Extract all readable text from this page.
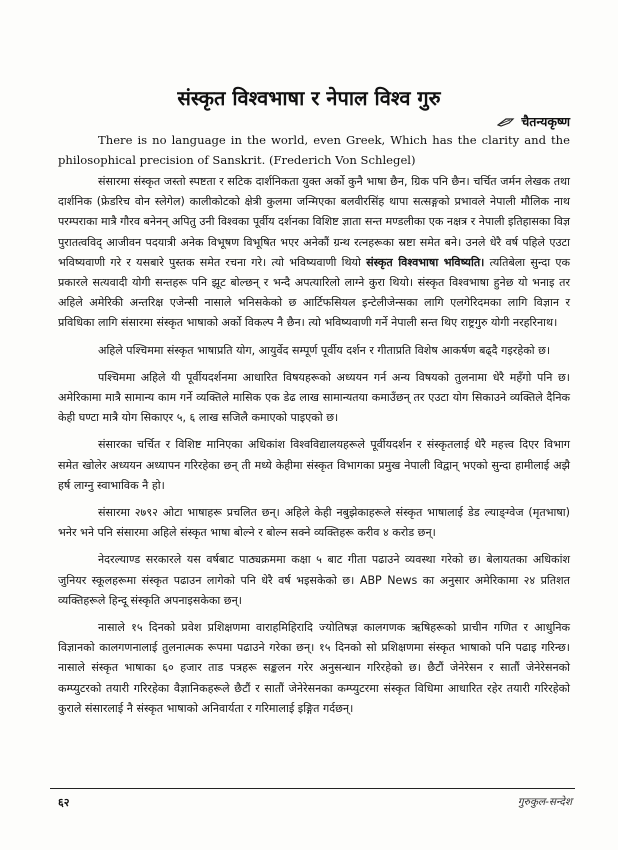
संस्कृत विश्वभाषा र नेपाल विश्व गुरु
चैतन्यकृष्ण

There is no language in the world, even Greek, Which has the clarity and the philosophical precision of Sanskrit. (Frederich Von Schlegel)

संसारमा संस्कृत जस्तो स्पष्टता र सटिक दार्शनिकता युक्त अर्को कुनै भाषा छैन, ग्रिक पनि छैन। चर्चित जर्मन लेखक तथा दार्शनिक (फ्रेडरिच वोन स्लेगेल) कालीकोटको क्षेत्री कुलमा जन्मिएका बलवीरसिंह थापा सत्सङ्गको प्रभावले नेपाली मौलिक नाथ परम्पराका मात्रै गौरव बनेनन्‌ अपितु उनी विश्वका पूर्वीय दर्शनका विशिष्ट ज्ञाता सन्त मण्डलीका एक नक्षत्र र नेपाली इतिहासका विज्ञ पुरातत्वविद्‌ आजीवन पदयात्री अनेक विभूषण विभूषित भएर अनेकौं ग्रन्थ रत्नहरूका स्रष्टा समेत बने। उनले धेरै वर्ष पहिले एउटा भविष्यवाणी गरे र यसबारे पुस्तक समेत रचना गरे। त्यो भविष्यवाणी थियो संस्कृत विश्वभाषा भविष्यति। त्यतिबेला सुन्दा एक प्रकारले सत्यवादी योगी सन्तहरू पनि झूट बोल्छन्‌ र भन्दै अपत्यारिलो लाग्ने कुरा थियो। संस्कृत विश्वभाषा हुनेछ यो भनाइ तर अहिले अमेरिकी अन्तरिक्ष एजेन्सी नासाले भनिसकेको छ आर्टिफसियल इन्टेलीजेन्सका लागि एलगेरिदमका लागि विज्ञान र प्रविधिका लागि संसारमा संस्कृत भाषाको अर्को विकल्प नै छैन। त्यो भविष्यवाणी गर्ने नेपाली सन्त थिए राष्ट्रगुरु योगी नरहरिनाथ।

अहिले पश्चिममा संस्कृत भाषाप्रति योग, आयुर्वेद सम्पूर्ण पूर्वीय दर्शन र गीताप्रति विशेष आकर्षण बढ्दै गइरहेको छ।

पश्चिममा अहिले यी पूर्वीयदर्शनमा आधारित विषयहरूको अध्ययन गर्न अन्य विषयको तुलनामा धेरै महँगो पनि छ। अमेरिकामा मात्रै सामान्य काम गर्ने व्यक्तिले मासिक एक डेढ लाख सामान्यतया कमाउँछन्‌ तर एउटा योग सिकाउने व्यक्तिले दैनिक केही घण्टा मात्रै योग सिकाएर ५, ६ लाख सजिलै कमाएको पाइएको छ।

संसारका चर्चित र विशिष्ट मानिएका अधिकांश विश्वविद्यालयहरूले पूर्वीयदर्शन र संस्कृतलाई धेरै महत्त्व दिएर विभाग समेत खोलेर अध्ययन अध्यापन गरिरहेका छन्‌ ती मध्ये केहीमा संस्कृत विभागका प्रमुख नेपाली विद्वान्‌ भएको सुन्दा हामीलाई अझै हर्ष लाग्नु स्वाभाविक नै हो।

संसारमा २७९२ ओटा भाषाहरू प्रचलित छन्‌। अहिले केही नबुझेकाहरूले संस्कृत भाषालाई डेड ल्याङ्ग्वेज (मृतभाषा) भनेर भने पनि संसारमा अहिले संस्कृत भाषा बोल्ने र बोल्न सक्ने व्यक्तिहरू करीव ४ करोड छन्‌।

नेदरल्याण्ड सरकारले यस वर्षबाट पाठ्यक्रममा कक्षा ५ बाट गीता पढाउने व्यवस्था गरेको छ। बेलायतका अधिकांश जुनियर स्कूलहरूमा संस्कृत पढाउन लागेको पनि धेरै वर्ष भइसकेको छ। ABP News का अनुसार अमेरिकामा २४ प्रतिशत व्यक्तिहरूले हिन्दू संस्कृति अपनाइसकेका छन्‌।

नासाले १५ दिनको प्रवेश प्रशिक्षणमा वाराहमिहिरादि ज्योतिषज्ञ कालगणक ऋषिहरूको प्राचीन गणित र आधुनिक विज्ञानको कालगणनालाई तुलनात्मक रूपमा पढाउने गरेका छन्‌। १५ दिनको सो प्रशिक्षणमा संस्कृत भाषाको पनि पढाइ गरिन्छ। नासाले संस्कृत भाषाका ६० हजार ताड पत्रहरू सङ्कलन गरेर अनुसन्धान गरिरहेको छ। छैटौं जेनेरेसन र सातौं जेनेरेसनको कम्प्युटरको तयारी गरिरहेका वैज्ञानिकहरूले छैटौं र सातौं जेनेरेसनका कम्प्युटरमा संस्कृत विधिमा आधारित रहेर तयारी गरिरहेको कुराले संसारलाई नै संस्कृत भाषाको अनिवार्यता र गरिमालाई इङ्गित गर्दछन्‌।

६२	गुरुकुल-सन्देश
